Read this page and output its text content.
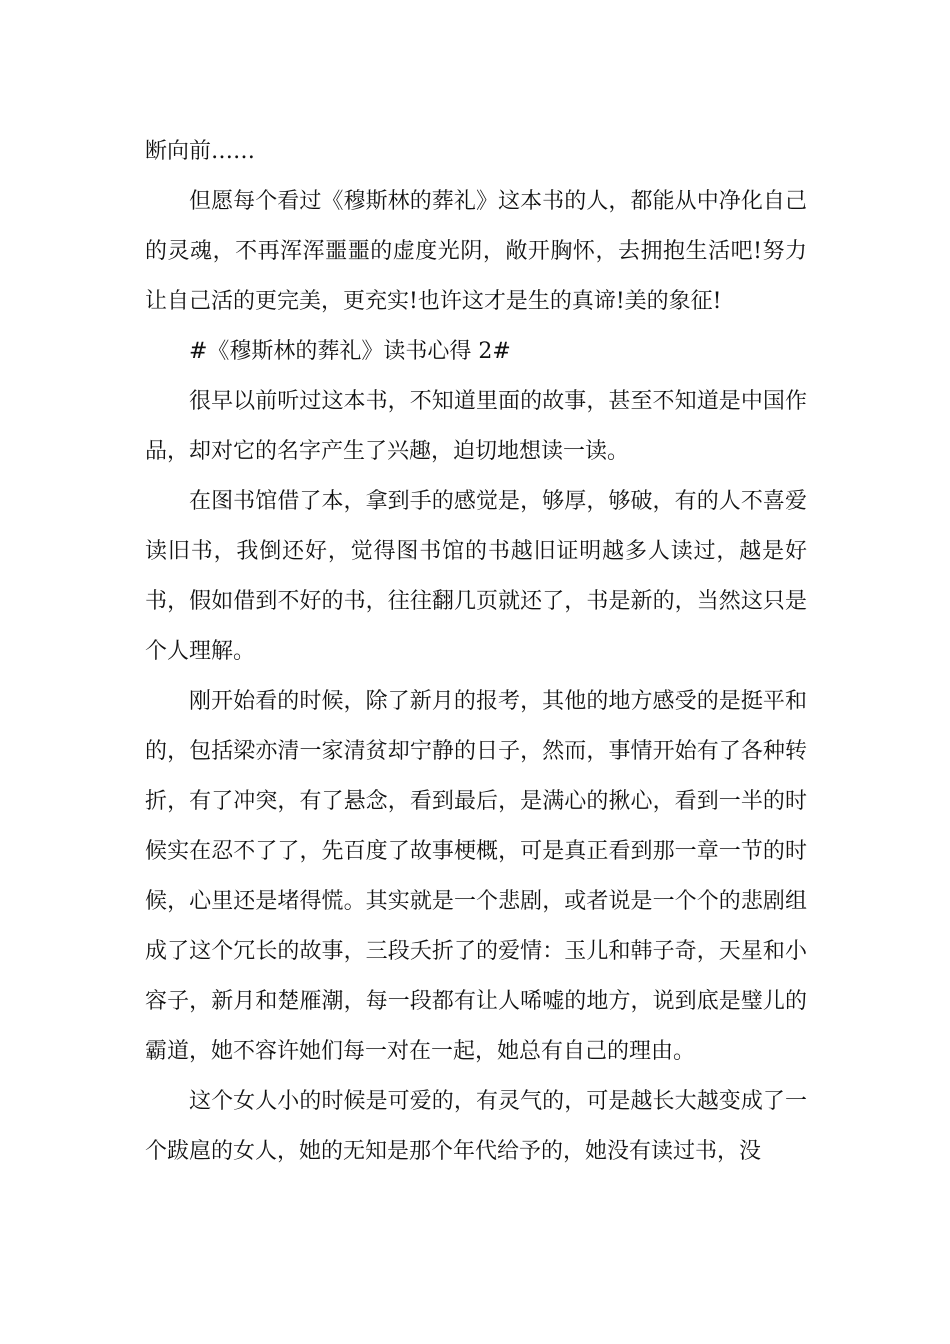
断向前……

但愿每个看过《穆斯林的葬礼》这本书的人，都能从中净化自己的灵魂，不再浑浑噩噩的虚度光阴，敞开胸怀，去拥抱生活吧!努力让自己活的更完美，更充实!也许这才是生的真谛!美的象征!

#《穆斯林的葬礼》读书心得 2#

很早以前听过这本书，不知道里面的故事，甚至不知道是中国作品，却对它的名字产生了兴趣，迫切地想读一读。

在图书馆借了本，拿到手的感觉是，够厚，够破，有的人不喜爱读旧书，我倒还好，觉得图书馆的书越旧证明越多人读过，越是好书，假如借到不好的书，往往翻几页就还了，书是新的，当然这只是个人理解。

刚开始看的时候，除了新月的报考，其他的地方感受的是挺平和的，包括梁亦清一家清贫却宁静的日子，然而，事情开始有了各种转折，有了冲突，有了悬念，看到最后，是满心的揪心，看到一半的时候实在忍不了了，先百度了故事梗概，可是真正看到那一章一节的时候，心里还是堵得慌。其实就是一个悲剧，或者说是一个个的悲剧组成了这个冗长的故事，三段夭折了的爱情：玉儿和韩子奇，天星和小容子，新月和楚雁潮，每一段都有让人唏嘘的地方，说到底是璧儿的霸道，她不容许她们每一对在一起，她总有自己的理由。

这个女人小的时候是可爱的，有灵气的，可是越长大越变成了一个跋扈的女人，她的无知是那个年代给予的，她没有读过书，没
